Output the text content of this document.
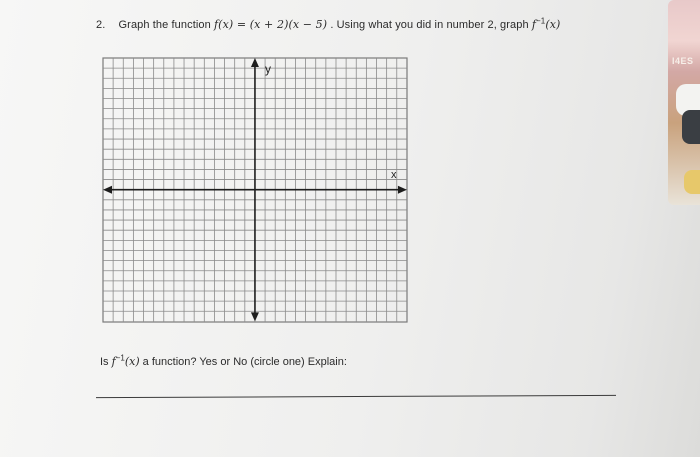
I4ES
2. Graph the function f(x) = (x + 2)(x − 5) . Using what you did in number 2, graph $f^{-1}(x)$
y
x
Is $f^{-1}(x)$ a function? Yes or No (circle one) Explain:
